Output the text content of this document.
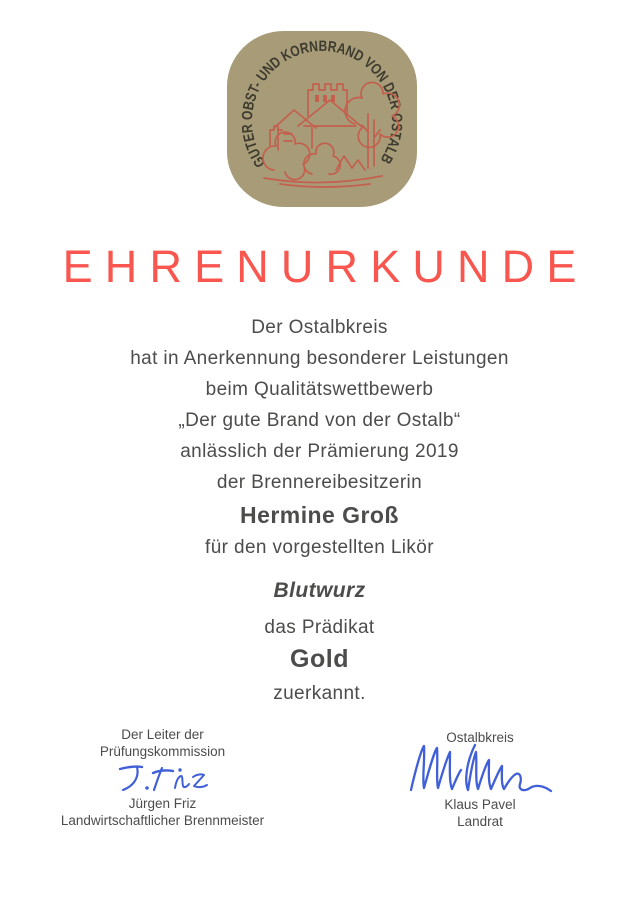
GUTER OBST- UND KORNBRAND VON DER OSTALB
EHRENURKUNDE
Der Ostalbkreis
hat in Anerkennung besonderer Leistungen
beim Qualitätswettbewerb
„Der gute Brand von der Ostalb“
anlässlich der Prämierung 2019
der Brennereibesitzerin
Hermine Groß
für den vorgestellten Likör
Blutwurz
das Prädikat
Gold
zuerkannt.
Der Leiter der
Prüfungskommission
Jürgen Friz
Landwirtschaftlicher Brennmeister
Ostalbkreis
Klaus Pavel
Landrat
